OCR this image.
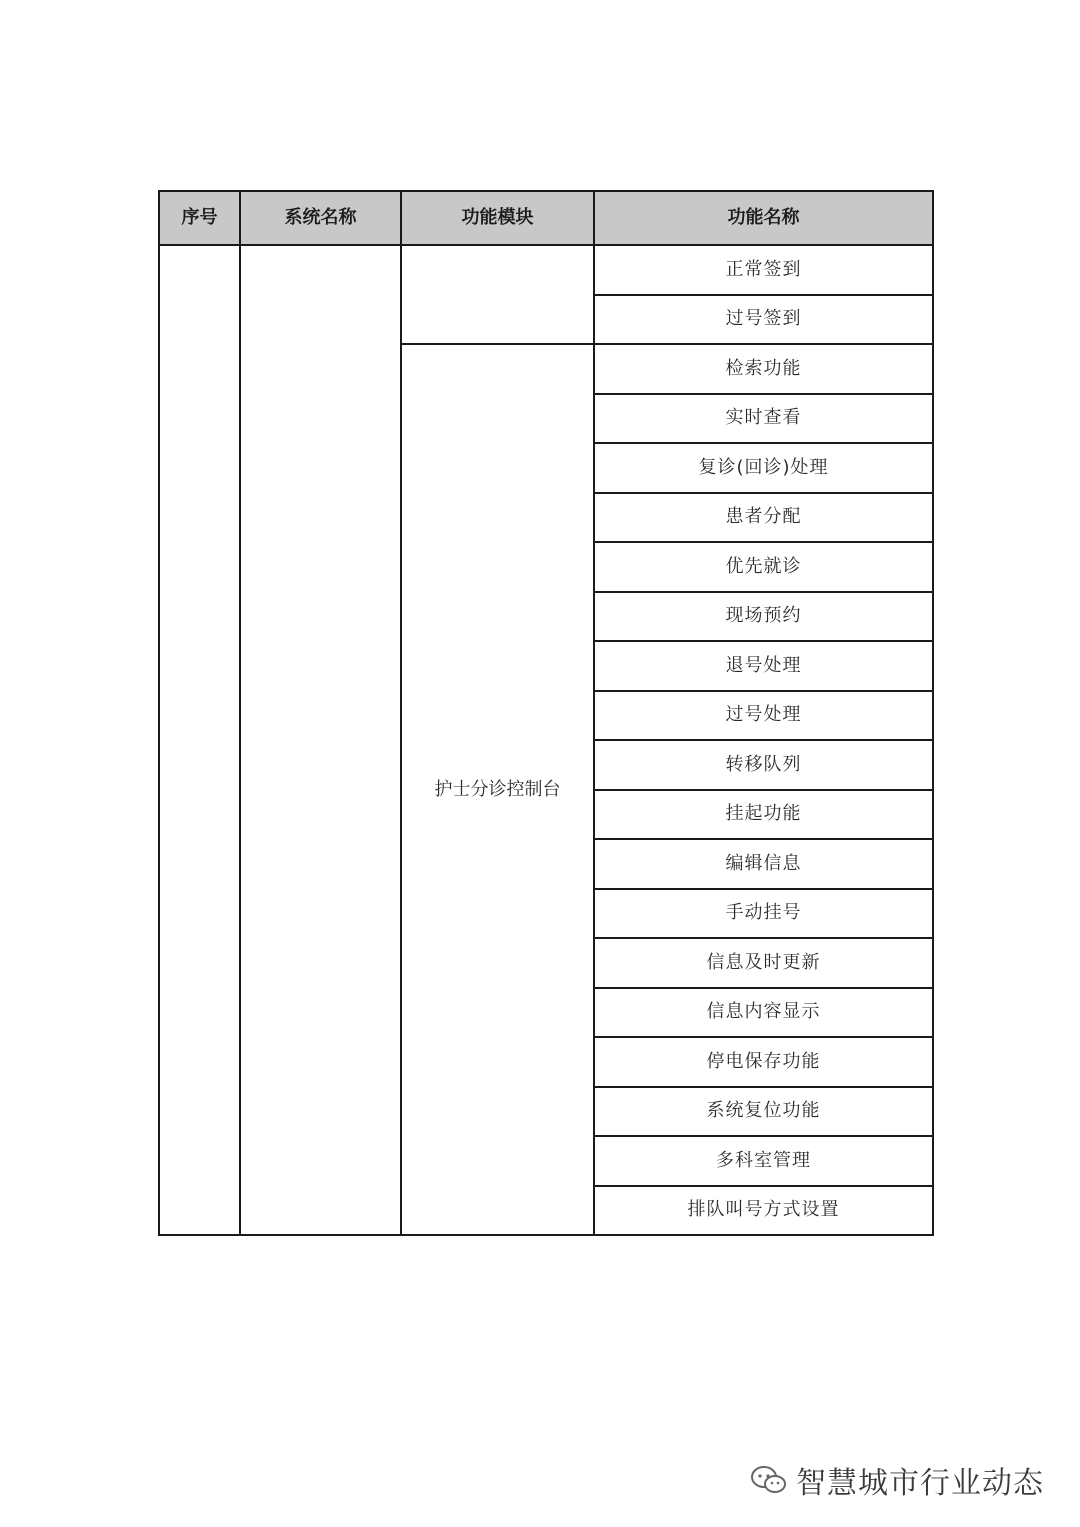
序号	系统名称	功能模块	功能名称
			正常签到
			过号签到
		护士分诊控制台	检索功能
			实时查看
			复诊(回诊)处理
			患者分配
			优先就诊
			现场预约
			退号处理
			过号处理
			转移队列
			挂起功能
			编辑信息
			手动挂号
			信息及时更新
			信息内容显示
			停电保存功能
			系统复位功能
			多科室管理
			排队叫号方式设置
智慧城市行业动态
